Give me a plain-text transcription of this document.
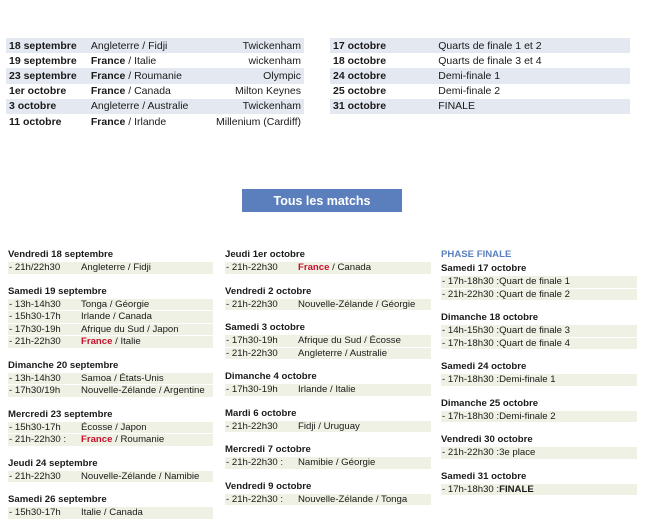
18 septembre	Angleterre / Fidji	Twickenham
19 septembre	France / Italie	wickenham
23 septembre	France / Roumanie	Olympic
1er octobre	France / Canada	Milton Keynes
3 octobre	Angleterre / Australie	Twickenham
11 octobre	France / Irlande	Millenium (Cardiff)
17 octobre	Quarts de finale 1 et 2
18 octobre	Quarts de finale 3 et 4
24 octobre	Demi-finale 1
25 octobre	Demi-finale 2
31 octobre	FINALE
Tous les matchs
Vendredi 18 septembre
- 21h/22h30 Angleterre / Fidji
Samedi 19 septembre
- 13h-14h30 Tonga / Géorgie
- 15h30-17h Irlande / Canada
- 17h30-19h Afrique du Sud / Japon
- 21h-22h30 France / Italie
Dimanche 20 septembre
- 13h-14h30 Samoa / États-Unis
- 17h30/19h Nouvelle-Zélande / Argentine
Mercredi 23 septembre
- 15h30-17h Écosse / Japon
- 21h-22h30 : France / Roumanie
Jeudi 24 septembre
- 21h-22h30 Nouvelle-Zélande / Namibie
Samedi 26 septembre
- 15h30-17h Italie / Canada
Jeudi 1er octobre
- 21h-22h30 France / Canada
Vendredi 2 octobre
- 21h-22h30 Nouvelle-Zélande / Géorgie
Samedi 3 octobre
- 17h30-19h Afrique du Sud / Écosse
- 21h-22h30 Angleterre / Australie
Dimanche 4 octobre
- 17h30-19h Irlande / Italie
Mardi 6 octobre
- 21h-22h30 Fidji / Uruguay
Mercredi 7 octobre
- 21h-22h30 : Namibie / Géorgie
Vendredi 9 octobre
- 21h-22h30 : Nouvelle-Zélande / Tonga
PHASE FINALE
Samedi 17 octobre
- 17h-18h30 :Quart de finale 1
- 21h-22h30 :Quart de finale 2
Dimanche 18 octobre
- 14h-15h30 :Quart de finale 3
- 17h-18h30 :Quart de finale 4
Samedi 24 octobre
- 17h-18h30 :Demi-finale 1
Dimanche 25 octobre
- 17h-18h30 :Demi-finale 2
Vendredi 30 octobre
- 21h-22h30 :3e place
Samedi 31 octobre
- 17h-18h30 :FINALE
